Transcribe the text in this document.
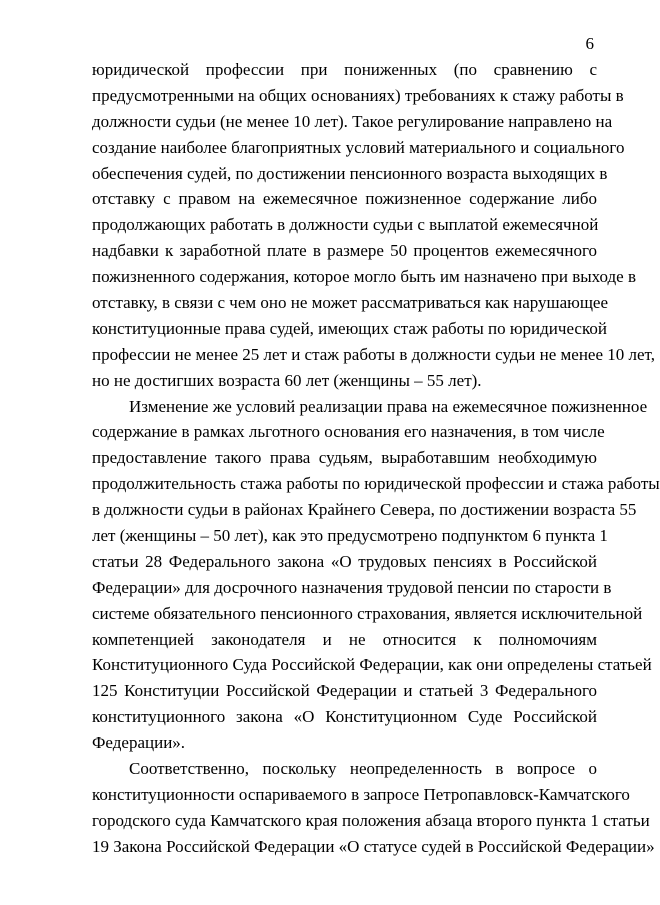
6

юридической профессии при пониженных (по сравнению с
предусмотренными на общих основаниях) требованиях к стажу работы в
должности судьи (не менее 10 лет). Такое регулирование направлено на
создание наиболее благоприятных условий материального и социального
обеспечения судей, по достижении пенсионного возраста выходящих в
отставку с правом на ежемесячное пожизненное содержание либо
продолжающих работать в должности судьи с выплатой ежемесячной
надбавки к заработной плате в размере 50 процентов ежемесячного
пожизненного содержания, которое могло быть им назначено при выходе в
отставку, в связи с чем оно не может рассматриваться как нарушающее
конституционные права судей, имеющих стаж работы по юридической
профессии не менее 25 лет и стаж работы в должности судьи не менее 10 лет,
но не достигших возраста 60 лет (женщины – 55 лет).

Изменение же условий реализации права на ежемесячное пожизненное
содержание в рамках льготного основания его назначения, в том числе
предоставление такого права судьям, выработавшим необходимую
продолжительность стажа работы по юридической профессии и стажа работы
в должности судьи в районах Крайнего Севера, по достижении возраста 55
лет (женщины – 50 лет), как это предусмотрено подпунктом 6 пункта 1
статьи 28 Федерального закона «О трудовых пенсиях в Российской
Федерации» для досрочного назначения трудовой пенсии по старости в
системе обязательного пенсионного страхования, является исключительной
компетенцией законодателя и не относится к полномочиям
Конституционного Суда Российской Федерации, как они определены статьей
125 Конституции Российской Федерации и статьей 3 Федерального
конституционного закона «О Конституционном Суде Российской
Федерации».

Соответственно, поскольку неопределенность в вопросе о
конституционности оспариваемого в запросе Петропавловск-Камчатского
городского суда Камчатского края положения абзаца второго пункта 1 статьи
19 Закона Российской Федерации «О статусе судей в Российской Федерации»
